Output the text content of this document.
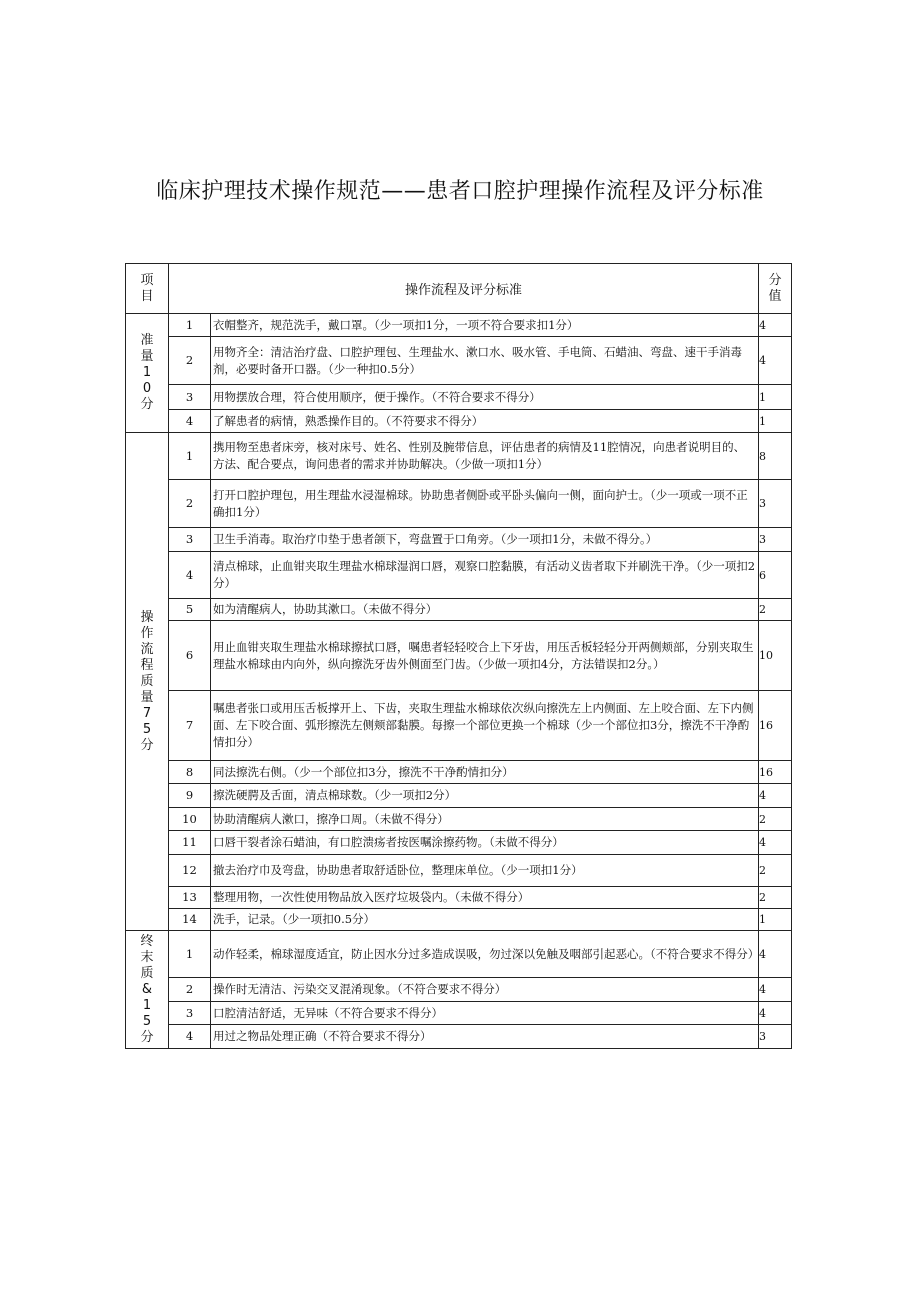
临床护理技术操作规范——患者口腔护理操作流程及评分标准
项目	操作流程及评分标准		分值
准量10分	1	衣帽整齐，规范洗手，戴口罩。（少一项扣1分，一项不符合要求扣1分）	4
	2	用物齐全：清洁治疗盘、口腔护理包、生理盐水、漱口水、吸水管、手电筒、石蜡油、弯盘、速干手消毒剂，必要时备开口器。（少一种扣0.5分）	4
	3	用物摆放合理，符合使用顺序，便于操作。（不符合要求不得分）	1
	4	了解患者的病情，熟悉操作目的。（不符要求不得分）	1
操作流程质量75分	1	携用物至患者床旁，核对床号、姓名、性别及腕带信息，评估患者的病情及11腔情况，向患者说明目的、方法、配合要点，询问患者的需求并协助解决。（少做一项扣1分）	8
	2	打开口腔护理包，用生理盐水浸湿棉球。协助患者侧卧或平卧头偏向一侧，面向护士。（少一项或一项不正确扣1分）	3
	3	卫生手消毒。取治疗巾垫于患者颌下，弯盘置于口角旁。（少一项扣1分，未做不得分。）	3
	4	清点棉球，止血钳夹取生理盐水棉球湿润口唇，观察口腔黏膜，有活动义齿者取下并刷洗干净。（少一项扣2分）	6
	5	如为清醒病人，协助其漱口。（未做不得分）	2
	6	用止血钳夹取生理盐水棉球擦拭口唇，嘱患者轻轻咬合上下牙齿，用压舌板轻轻分开两侧颊部，分别夹取生理盐水棉球由内向外，纵向擦洗牙齿外侧面至门齿。（少做一项扣4分，方法错误扣2分。）	10
	7	嘱患者张口或用压舌板撑开上、下齿，夹取生理盐水棉球依次纵向擦洗左上内侧面、左上咬合面、左下内侧面、左下咬合面、弧形擦洗左侧颊部黏膜。每擦一个部位更换一个棉球（少一个部位扣3分，擦洗不干净酌情扣分）	16
	8	同法擦洗右侧。（少一个部位扣3分，擦洗不干净酌情扣分）	16
	9	擦洗硬腭及舌面，清点棉球数。（少一项扣2分）	4
	10	协助清醒病人漱口，擦净口周。（未做不得分）	2
	11	口唇干裂者涂石蜡油，有口腔溃疡者按医嘱涂擦药物。（未做不得分）	4
	12	撤去治疗巾及弯盘，协助患者取舒适卧位，整理床单位。（少一项扣1分）	2
	13	整理用物，一次性使用物品放入医疗垃圾袋内。（未做不得分）	2
	14	洗手，记录。（少一项扣0.5分）	1
终末质&15分	1	动作轻柔，棉球湿度适宜，防止因水分过多造成误吸，勿过深以免触及咽部引起恶心。（不符合要求不得分）	4
	2	操作时无清洁、污染交叉混淆现象。（不符合要求不得分）	4
	3	口腔清洁舒适，无异味（不符合要求不得分）	4
	4	用过之物品处理正确（不符合要求不得分）	3
